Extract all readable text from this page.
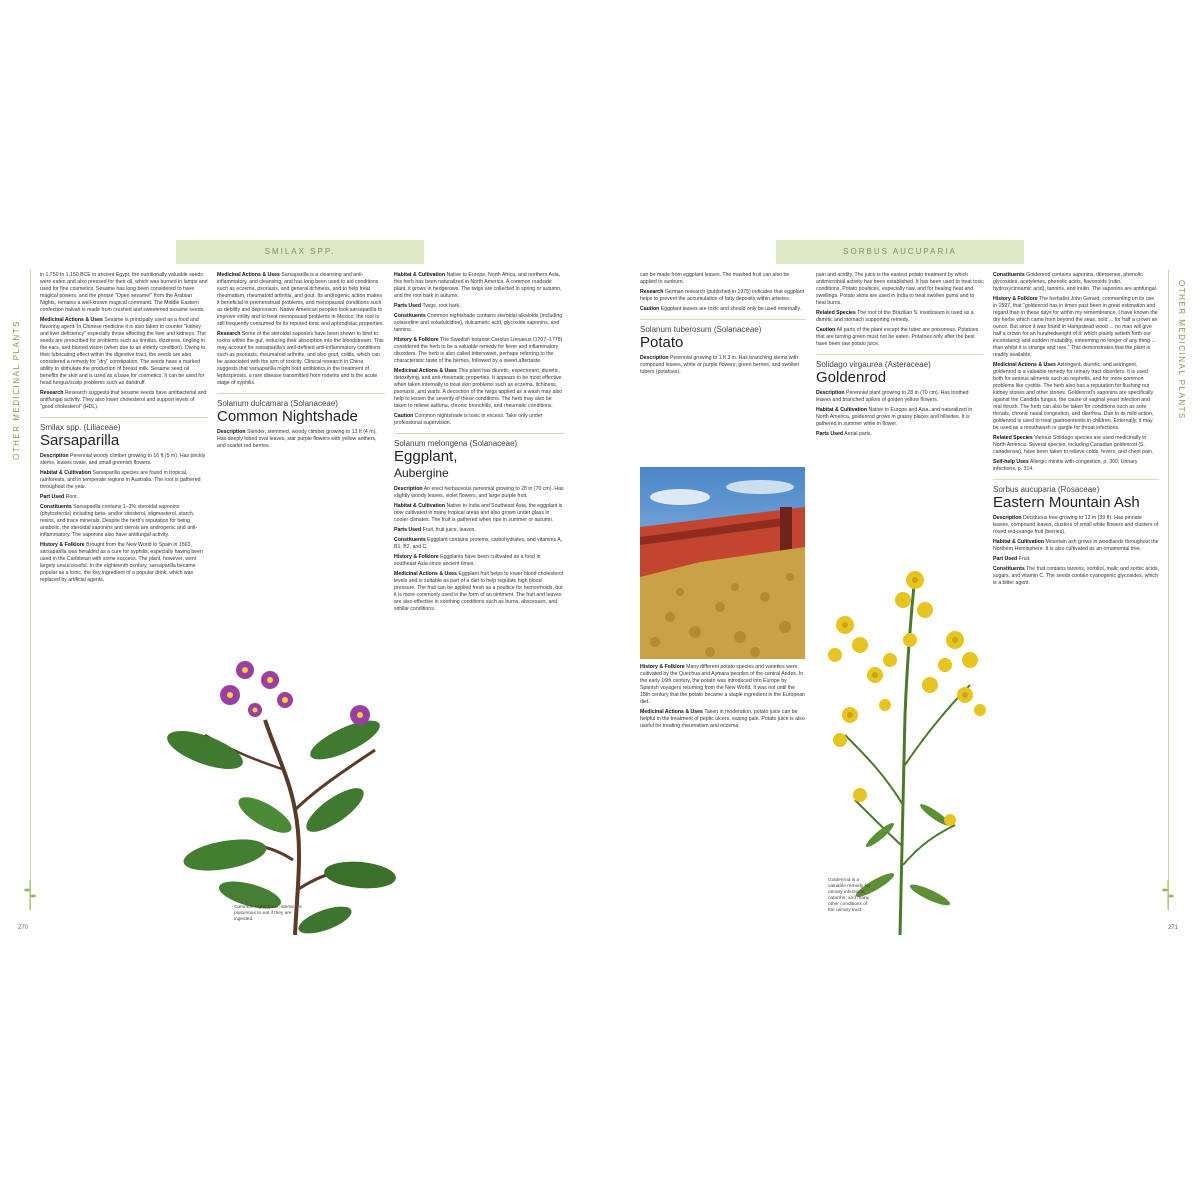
OTHER MEDICINAL PLANTS	OTHER MEDICINAL PLANTS
SMILAX SPP.	SORBUS AUCUPARIA

in 1,750 to 1,150 BCE in ancient Egypt, the nutritionally valuable seeds were eaten and also pressed for their oil, which was burned in lamps and used for fine cosmetics. Sesame has long been considered to have magical powers, and the phrase "Open sesame!" from the Arabian Nights, remains a well-known magical command. The Middle Eastern confection halvah is made from crushed and sweetened sesame seeds.

Medicinal Actions & Uses Sesame is principally used as a food and flavoring agent. In Chinese medicine it is also taken to counter "kidney and liver deficiency" especially those affecting the liver and kidneys. The seeds are prescribed for problems such as tinnitus, dizziness, tingling in the ears, and blurred vision (when due to an elderly condition). Owing to their lubricating effect within the digestive tract, the seeds are also considered a remedy for "dry" constipation. The seeds have a marked ability to stimulate the production of breast milk. Sesame seed oil benefits the skin and is used as a base for cosmetics. It can be used for head fungus/scalp problems such as dandruff.

Research Research suggests that sesame seeds have antibacterial and antifungal activity. They also lower cholesterol and support levels of "good cholesterol" (HDL).

Smilax spp. (Liliaceae)
Sarsaparilla

Description Perennial woody climber growing to 16 ft (5 m). Has prickly stems, leaves ovate, and small greenish flowers.

Habitat & Cultivation Sarsaparilla species are found in tropical, rainforests, and in temperate regions in Australia. The root is gathered throughout the year.

Part Used Root.

Constituents Sarsaparilla contains 1–3% steroidal saponins (phytosterols) including beta- and/or sitosterol, stigmasterol, starch, resins, and trace minerals. Despite the herb's reputation for being anabolic, the steroidal saponins and sterols are androgenic and anti-inflammatory. The saponins also have antifungal activity.

History & Folklore Brought from the New World to Spain in 1563, sarsaparilla was heralded as a cure for syphilis, especially having been used in the Caribbean with some success. The plant, however, went largely unsuccessful. In the eighteenth century, sarsaparilla became popular as a tonic, the key ingredient of a popular drink, which was replaced by artificial agents.

Medicinal Actions & Uses Sarsaparilla is a cleansing and anti-inflammatory, and cleansing, and has long been used to aid conditions such as eczema, psoriasis, and general itchiness, and to help treat rheumatism, rheumatoid arthritis, and gout. Its androgenic action makes it beneficial in premenstrual problems, and menopausal conditions such as debility and depression. Native American peoples took sarsaparilla to improve virility and to treat menopausal problems in Mexico; the root is still frequently consumed for its reputed tonic and aphrodisiac properties.

Research Some of the steroidal saponins have been shown to bind to toxins within the gut, reducing their absorption into the bloodstream. This may account for sarsaparilla's well-defined anti-inflammatory conditions such as psoriasis, rheumatoid arthritis, and also gout, colitis, which can be associated with the arm of toxicity. Clinical research in China suggests that sarsaparilla might hold antibiotics in the treatment of leptospirosis, a rare disease transmitted from rodents and is the acute stage of syphilis.

Solanum dulcamara (Solanaceae)
Common Nightshade

Description Slender, stemmed, woody climber growing to 13 ft (4 m). Has deeply lobed oval leaves, star purple flowers with yellow anthers, and scarlet red berries.

Common nightshade, stems are poisonous to eat if they are ingested.

Habitat & Cultivation Native to Europe, North Africa, and northern Asia, this herb has been naturalized in North America. A common roadside plant, it grows in hedgerows. The twigs are collected in spring or autumn, and the root bark in autumn.

Parts Used Twigs, root bark.

Constituents Common nightshade contains steroidal alkaloids (including solasodine and soladulcidine), dulcamaric acid, glycoside saponins, and tannins.

History & Folklore The Swedish botanist Carolus Linnaeus (1707–1778) considered the herb to be a valuable remedy for fever and inflammatory disorders. The herb is also called bittersweet, perhaps referring to the characteristic taste of the berries, followed by a sweet aftertaste.

Medicinal Actions & Uses This plant has diuretic, expectorant, diuretic, detoxifying, and anti-rheumatic properties. It appears to be most effective when taken internally to treat skin problems such as eczema, itchiness, psoriasis, and warts. A decoction of the twigs applied as a wash may also help to lessen the severity of these conditions. The herb may also be taken to relieve asthma, chronic bronchitis, and rheumatic conditions.

Caution Common nightshade is toxic in excess. Take only under professional supervision.

Solanum melongena (Solanaceae)
Eggplant,
Aubergine

Description An erect herbaceous perennial growing to 28 in (70 cm). Has slightly woody leaves, violet flowers, and large purple fruit.

Habitat & Cultivation Native to India and Southeast Asia, the eggplant is now cultivated in many tropical areas and also grown under glass in cooler climates. The fruit is gathered when ripe in summer or autumn.

Parts Used Fruit, fruit juice, leaves.

Constituents Eggplant contains proteins, carbohydrates, and vitamins A, B1, B2, and C.

History & Folklore Eggplants have been cultivated as a food in southeast Asia since ancient times.

Medicinal Actions & Uses Eggplant fruit helps to lower blood cholesterol levels and is suitable as part of a diet to help regulate high blood pressure. The fruit can be applied fresh as a poultice for hemorrhoids, but it is more commonly used in the form of an ointment. The fruit and leaves are also effective in soothing conditions such as burns, abscesses, and similar conditions.

270

can be made from eggplant leaves. The mashed fruit can also be applied to sunburn.

Research German research (published in 1975) indicates that eggplant helps to prevent the accumulation of fatty deposits within arteries.

Caution Eggplant leaves are toxic and should only be used externally.

Solanum tuberosum (Solanaceae)
Potato

Description Perennial growing to 1 ft 3 in. Has branching stems with compound leaves, white or purple flowers, green berries, and swollen tubers (potatoes).

History & Folklore Many different potato species and varieties were cultivated by the Quechua and Aymara peoples of the central Andes. In the early 16th century, the potato was introduced into Europe by Spanish voyagers returning from the New World. It was not until the 18th century that the potato became a staple ingredient in the European diet.

Medicinal Actions & Uses Taken in moderation, potato juice can be helpful in the treatment of peptic ulcers, easing pain. Potato juice is also useful for treating rheumatism and eczema.

pain and acidity. The juice is the easiest potato treatment by which antimicrobial activity has been established. It has been used to treat toxic conditions. Potato poultices, especially raw, and for healing heat and swellings. Potato skins are used in India to treat swollen gums and to heal burns.

Related Species The root of the Brazilian S. insidiosum is used as a diuretic and stomach supporting remedy.

Caution All parts of the plant except the tuber are poisonous. Potatoes that are turning green must not be eaten. Potatoes only after the best have been raw potato juice.

Solidago virgaurea (Asteraceae)
Goldenrod

Description Perennial plant growing to 28 in (70 cm). Has toothed leaves and branched spikes of golden yellow flowers.

Habitat & Cultivation Native to Europe and Asia, and naturalized in North America, goldenrod grows in grassy places and hillsides. It is gathered in summer while in flower.

Parts Used Aerial parts.

Goldenrod is a valuable remedy for urinary infections, catarrhs, and many other conditions of the urinary tract.

Constituents Goldenrod contains saponins, diterpenes, phenolic glycosides, acetylenes, phenolic acids, flavonoids (rutin, hydroxycinnamic acid), tannins, and inulin. The saponins are antifungal.

History & Folklore The herbalist John Gerard, commenting on its use in 1597, that "goldenrod has in times past been in great estimation and regard than in these days for within my remembrance, I have known the dry herbe which came from beyond the seas, sold ... for half a crown an ounce. But since it was found in Hampstead wood ... no man will give half a crown for an hundredweight of it: which plainly setteth forth our inconstancy and sudden mutability, esteeming no longer of any thing ... than whilst it is strange and rare." This demonstrates that the plant is readily available.

Medicinal Actions & Uses Astringent, diuretic, and astringent, goldenrod is a valuable remedy for urinary tract disorders. It is used both for serious ailments such as nephritis, and for more common problems like cystitis. The herb also has a reputation for flushing out kidney stones and other stones. Goldenrod's saponins are specifically against the Candida fungus, the cause of vaginal yeast infection and oral thrush. The herb can also be taken for conditions such as sore throats, chronic nasal congestion, and diarrhea. Due to its mild action, goldenrod is used to treat gastroenteritis in children. Externally, it may be used as a mouthwash or gargle for throat infections.

Related Species Various Solidago species are used medicinally in North America. Several species, including Canadian goldenrod (S. canadensis), have been taken to relieve colds, fevers, and chest pain.

Self-help Uses Allergic rhinitis with congestion, p. 300; Urinary infections, p. 314.

Sorbus aucuparia (Rosaceae)
Eastern Mountain Ash

Description Deciduous tree growing to 12 m (39 ft). Has pinnate leaves, compound leaves, clusters of small white flowers and clusters of round red-orange fruit (berries).

Habitat & Cultivation Mountain ash grows in woodlands throughout the Northern Hemisphere. It is also cultivated as an ornamental tree.

Part Used Fruit.

Constituents The fruit contains tannins, sorbitol, malic and sorbic acids, sugars, and vitamin C. The seeds contain cyanogenic glycosides, which is a bitter agent.

271
